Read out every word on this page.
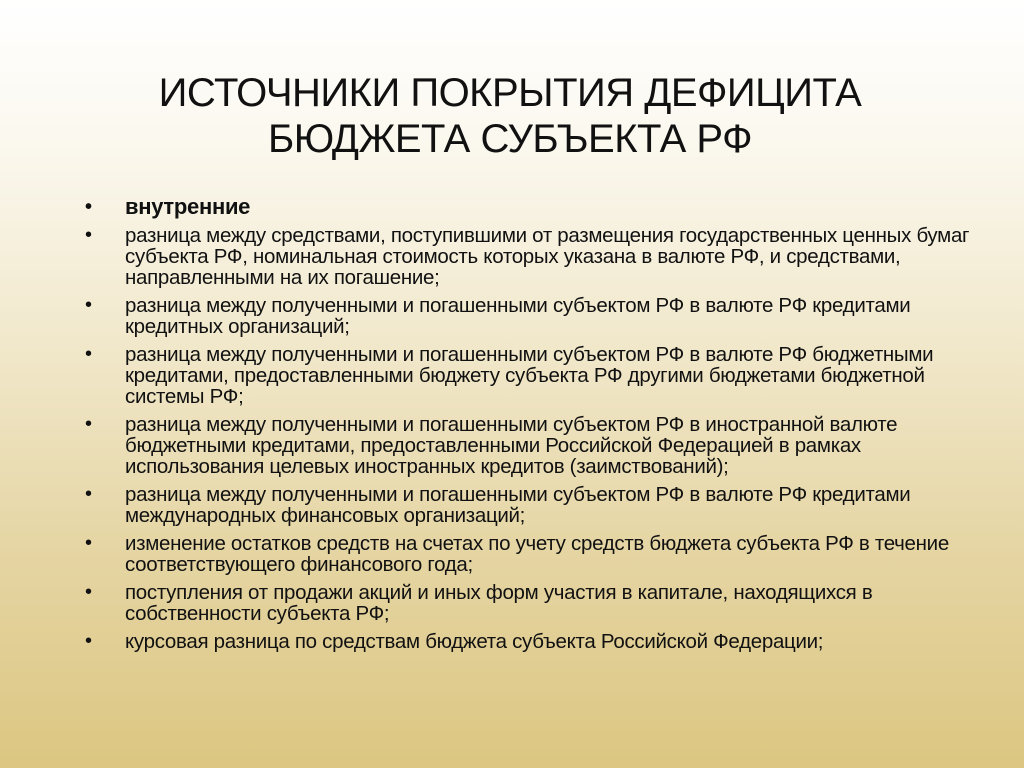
ИСТОЧНИКИ ПОКРЫТИЯ ДЕФИЦИТА
БЮДЖЕТА СУБЪЕКТА РФ
• внутренние
• разница между средствами, поступившими от размещения государственных ценных бумаг субъекта РФ, номинальная стоимость которых указана в валюте РФ, и средствами, направленными на их погашение;
• разница между полученными и погашенными субъектом РФ в валюте РФ кредитами кредитных организаций;
• разница между полученными и погашенными субъектом РФ в валюте РФ бюджетными кредитами, предоставленными бюджету субъекта РФ другими бюджетами бюджетной системы РФ;
• разница между полученными и погашенными субъектом РФ в иностранной валюте бюджетными кредитами, предоставленными Российской Федерацией в рамках использования целевых иностранных кредитов (заимствований);
• разница между полученными и погашенными субъектом РФ в валюте РФ кредитами международных финансовых организаций;
• изменение остатков средств на счетах по учету средств бюджета субъекта РФ в течение соответствующего финансового года;
• поступления от продажи акций и иных форм участия в капитале, находящихся в собственности субъекта РФ;
• курсовая разница по средствам бюджета субъекта Российской Федерации;
